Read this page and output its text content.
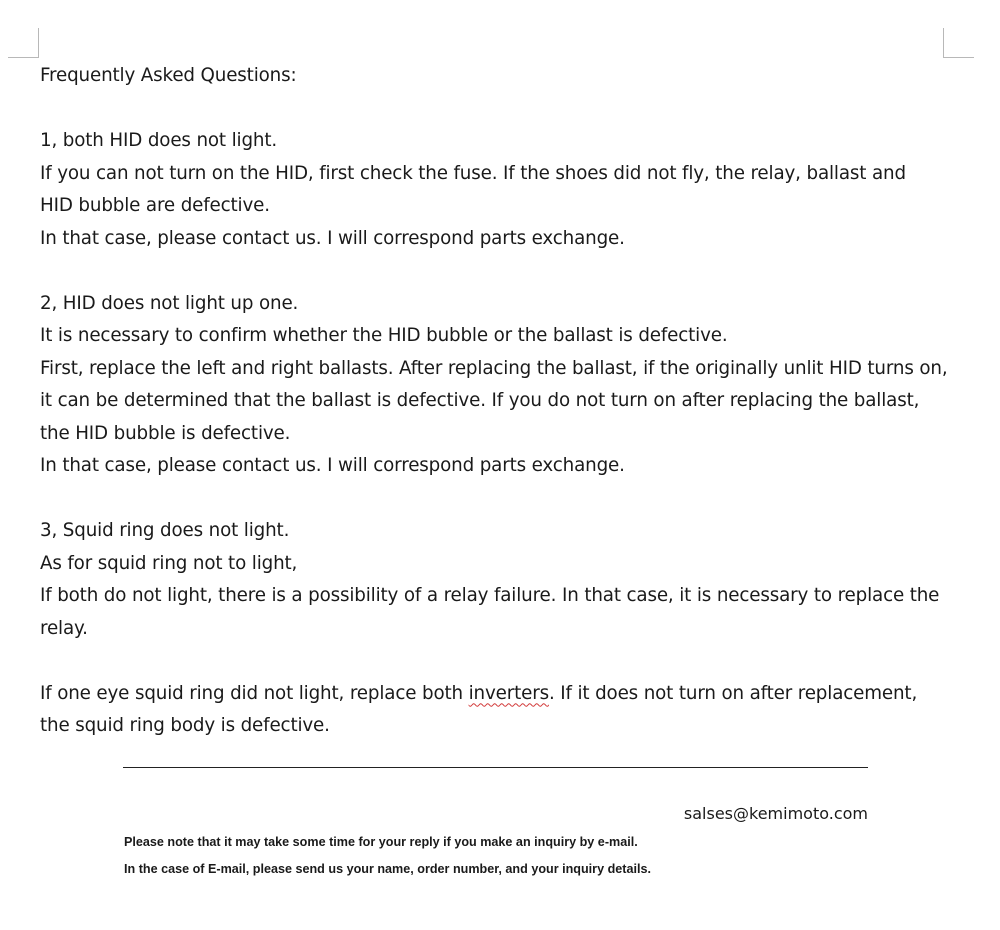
Frequently Asked Questions:
1, both HID does not light.
If you can not turn on the HID, first check the fuse. If the shoes did not fly, the relay, ballast and
HID bubble are defective.
In that case, please contact us. I will correspond parts exchange.
2, HID does not light up one.
It is necessary to confirm whether the HID bubble or the ballast is defective.
First, replace the left and right ballasts. After replacing the ballast, if the originally unlit HID turns on,
it can be determined that the ballast is defective. If you do not turn on after replacing the ballast,
the HID bubble is defective.
In that case, please contact us. I will correspond parts exchange.
3, Squid ring does not light.
As for squid ring not to light,
If both do not light, there is a possibility of a relay failure. In that case, it is necessary to replace the
relay.
If one eye squid ring did not light, replace both inverters. If it does not turn on after replacement,
the squid ring body is defective.
salses@kemimoto.com
Please note that it may take some time for your reply if you make an inquiry by e-mail.
In the case of E-mail, please send us your name, order number, and your inquiry details.
